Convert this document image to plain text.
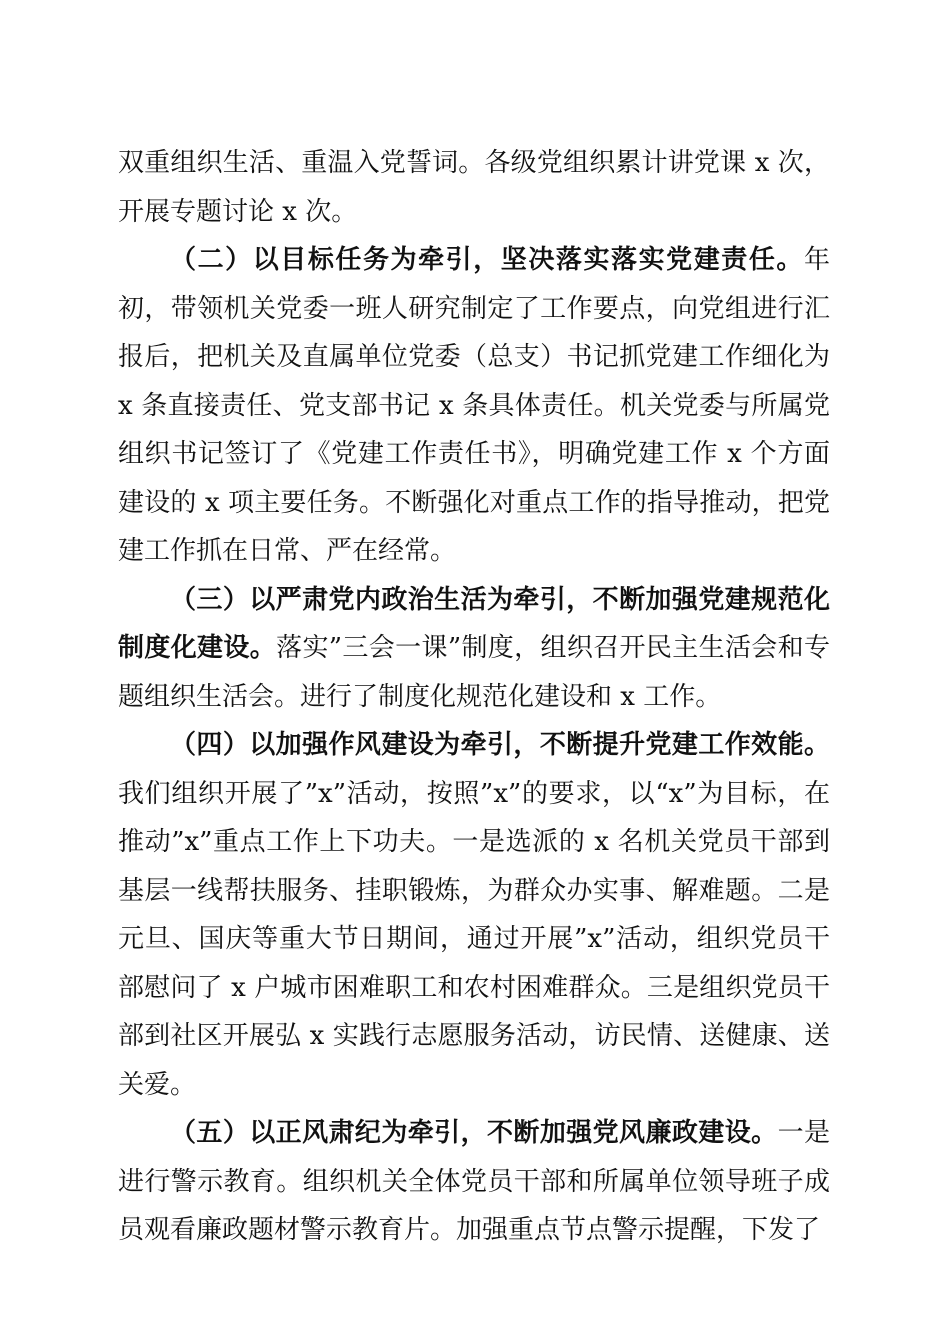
双重组织生活、重温入党誓词。各级党组织累计讲党课 x 次，开展专题讨论 x 次。

（二）以目标任务为牵引，坚决落实落实党建责任。年初，带领机关党委一班人研究制定了工作要点，向党组进行汇报后，把机关及直属单位党委（总支）书记抓党建工作细化为 x 条直接责任、党支部书记 x 条具体责任。机关党委与所属党组织书记签订了《党建工作责任书》，明确党建工作 x 个方面建设的 x 项主要任务。不断强化对重点工作的指导推动，把党建工作抓在日常、严在经常。

（三）以严肃党内政治生活为牵引，不断加强党建规范化制度化建设。落实”三会一课”制度，组织召开民主生活会和专题组织生活会。进行了制度化规范化建设和 x 工作。

（四）以加强作风建设为牵引，不断提升党建工作效能。我们组织开展了”x”活动，按照”x”的要求，以“x”为目标，在推动”x”重点工作上下功夫。一是选派的 x 名机关党员干部到基层一线帮扶服务、挂职锻炼，为群众办实事、解难题。二是元旦、国庆等重大节日期间，通过开展”x”活动，组织党员干部慰问了 x 户城市困难职工和农村困难群众。三是组织党员干部到社区开展弘 x 实践行志愿服务活动，访民情、送健康、送关爱。

（五）以正风肃纪为牵引，不断加强党风廉政建设。一是进行警示教育。组织机关全体党员干部和所属单位领导班子成员观看廉政题材警示教育片。加强重点节点警示提醒，下发了
